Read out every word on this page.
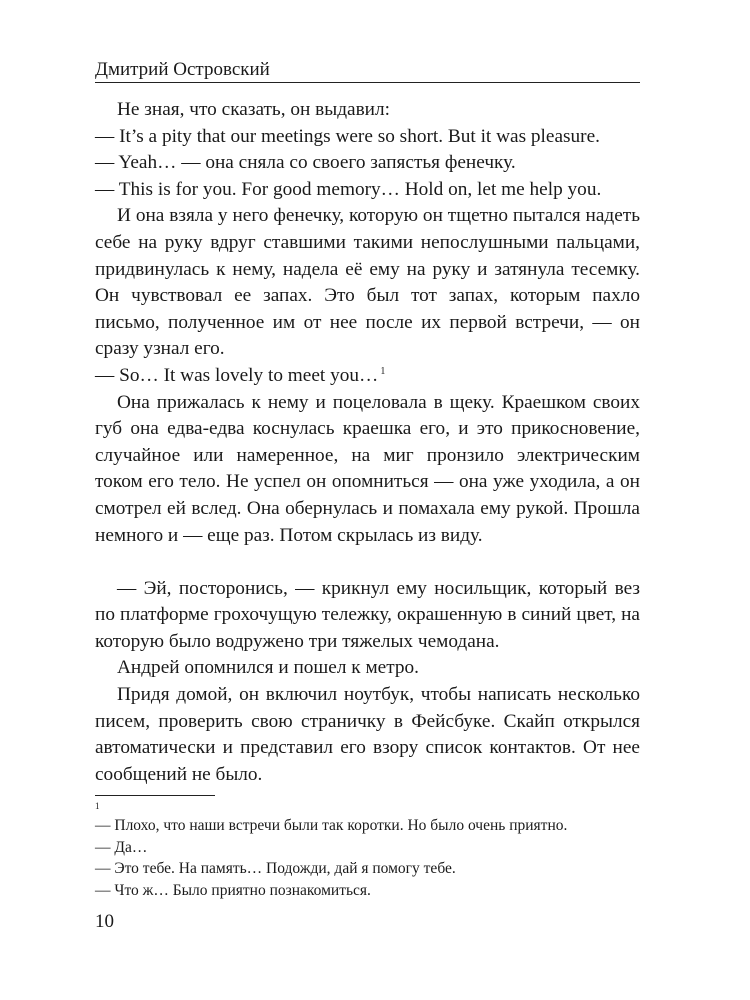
Дмитрий Островский

Не зная, что сказать, он выдавил:

— It’s a pity that our meetings were so short. But it was pleasure.

— Yeah… — она сняла со своего запястья фенечку.

— This is for you. For good memory… Hold on, let me help you.

И она взяла у него фенечку, которую он тщетно пытался надеть себе на руку вдруг ставшими такими непослушными пальцами, придвинулась к нему, надела её ему на руку и затянула тесемку. Он чувствовал ее запах. Это был тот запах, которым пахло письмо, полученное им от нее после их первой встречи, — он сразу узнал его.

— So… It was lovely to meet you… $^1$

Она прижалась к нему и поцеловала в щеку. Краешком своих губ она едва-едва коснулась краешка его, и это прикосновение, случайное или намеренное, на миг пронзило электрическим током его тело. Не успел он опомниться — она уже уходила, а он смотрел ей вслед. Она обернулась и помахала ему рукой. Прошла немного и — еще раз. Потом скрылась из виду.

— Эй, посторонись, — крикнул ему носильщик, который вез по платформе грохочущую тележку, окрашенную в синий цвет, на которую было водружено три тяжелых чемодана.

Андрей опомнился и пошел к метро.

Придя домой, он включил ноутбук, чтобы написать несколько писем, проверить свою страничку в Фейсбуке. Скайп открылся автоматически и представил его взору список контактов. От нее сообщений не было.

1

— Плохо, что наши встречи были так коротки. Но было очень приятно.

— Да…

— Это тебе. На память… Подожди, дай я помогу тебе.

— Что ж… Было приятно познакомиться.

10
